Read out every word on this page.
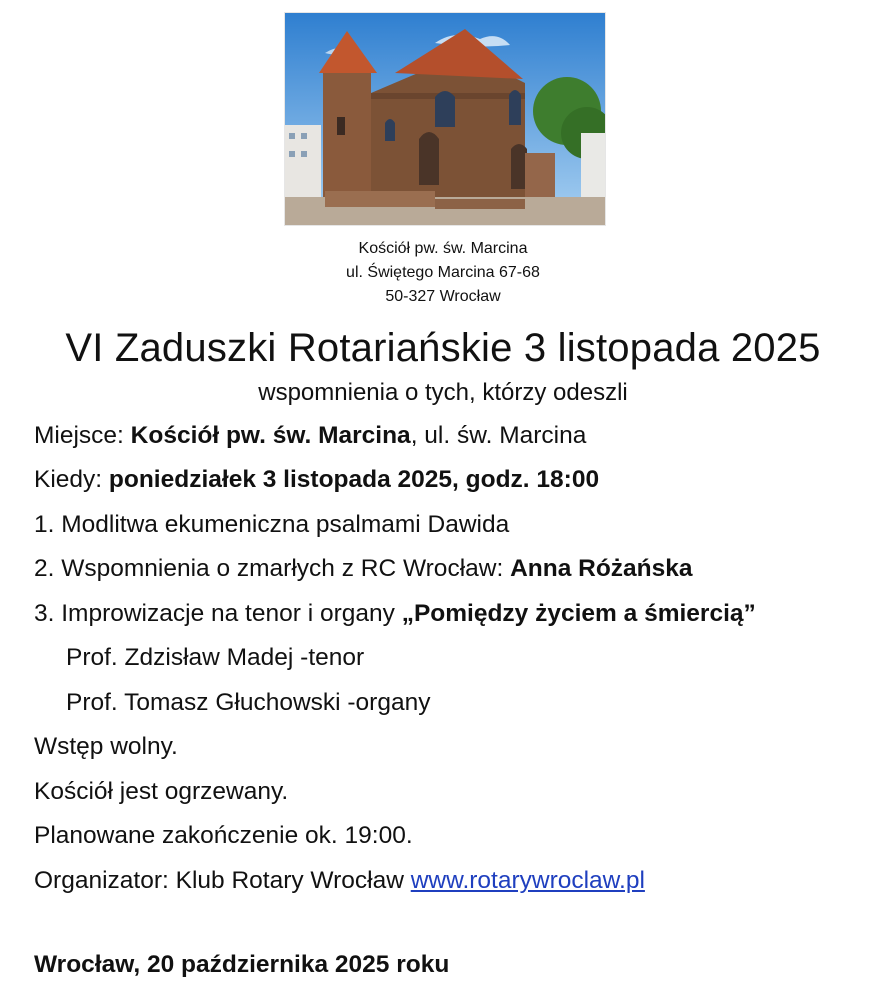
Kościół pw. św. Marcina
ul. Świętego Marcina 67-68
50-327 Wrocław
VI Zaduszki Rotariańskie 3 listopada 2025
wspomnienia o tych, którzy odeszli
Miejsce: Kościół pw. św. Marcina, ul. św. Marcina
Kiedy: poniedziałek 3 listopada 2025, godz. 18:00
1. Modlitwa ekumeniczna psalmami Dawida
2. Wspomnienia o zmarłych z RC Wrocław: Anna Różańska
3. Improwizacje na tenor i organy „Pomiędzy życiem a śmiercią”
Prof. Zdzisław Madej -tenor
Prof. Tomasz Głuchowski -organy
Wstęp wolny.
Kościół jest ogrzewany.
Planowane zakończenie ok. 19:00.
Organizator: Klub Rotary Wrocław www.rotarywroclaw.pl
Wrocław, 20 października 2025 roku
